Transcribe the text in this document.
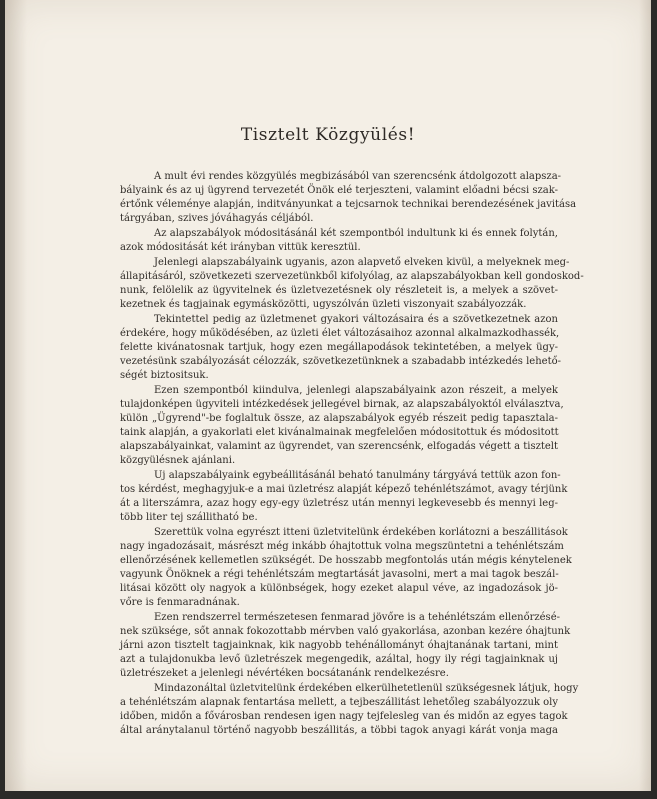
Tisztelt Közgyülés!
A mult évi rendes közgyülés megbizásából van szerencsénk átdolgozott alapsza-
bályaink és az uj ügyrend tervezetét Önök elé terjeszteni, valamint előadni bécsi szak-
értőnk véleménye alapján, inditványunkat a tejcsarnok technikai berendezésének javitása
tárgyában, szives jóváhagyás céljából.
Az alapszabályok módositásánál két szempontból indultunk ki és ennek folytán,
azok módositását két irányban vittük keresztül.
Jelenlegi alapszabályaink ugyanis, azon alapvető elveken kivül, a melyeknek meg-
állapitásáról, szövetkezeti szervezetünkből kifolyólag, az alapszabályokban kell gondoskod-
nunk, felölelik az ügyvitelnek és üzletvezetésnek oly részleteit is, a melyek a szövet-
kezetnek és tagjainak egymásközötti, ugyszólván üzleti viszonyait szabályozzák.
Tekintettel pedig az üzletmenet gyakori változásaira és a szövetkezetnek azon
érdekére, hogy működésében, az üzleti élet változásaihoz azonnal alkalmazkodhassék,
felette kivánatosnak tartjuk, hogy ezen megállapodások tekintetében, a melyek ügy-
vezetésünk szabályozását célozzák, szövetkezetünknek a szabadabb intézkedés lehető-
ségét biztositsuk.
Ezen szempontból kiindulva, jelenlegi alapszabályaink azon részeit, a melyek
tulajdonképen ügyviteli intézkedések jellegével birnak, az alapszabályoktól elválasztva,
külön „Ügyrend"-be foglaltuk össze, az alapszabályok egyéb részeit pedig tapasztala-
taink alapján, a gyakorlati elet kivánalmainak megfelelően módositottuk és módositott
alapszabályainkat, valamint az ügyrendet, van szerencsénk, elfogadás végett a tisztelt
közgyülésnek ajánlani.
Uj alapszabályaink egybeállitásánál beható tanulmány tárgyává tettük azon fon-
tos kérdést, meghagyjuk-e a mai üzletrész alapját képező tehénlétszámot, avagy térjünk
át a literszámra, azaz hogy egy-egy üzletrész után mennyi legkevesebb és mennyi leg-
több liter tej szállitható be.
Szerettük volna egyrészt itteni üzletvitelünk érdekében korlátozni a beszállitások
nagy ingadozásait, másrészt még inkább óhajtottuk volna megszüntetni a tehénlétszám
ellenőrzésének kellemetlen szükségét. De hosszabb megfontolás után mégis kénytelenek
vagyunk Önöknek a régi tehénlétszám megtartását javasolni, mert a mai tagok beszál-
litásai között oly nagyok a különbségek, hogy ezeket alapul véve, az ingadozások jö-
vőre is fenmaradnának.
Ezen rendszerrel természetesen fenmarad jövőre is a tehénlétszám ellenőrzésé-
nek szüksége, sőt annak fokozottabb mérvben való gyakorlása, azonban kezére óhajtunk
járni azon tisztelt tagjainknak, kik nagyobb tehénállományt óhajtanának tartani, mint
azt a tulajdonukba levő üzletrészek megengedik, azáltal, hogy ily régi tagjainknak uj
üzletrészeket a jelenlegi névértéken bocsátanánk rendelkezésre.
Mindazonáltal üzletvitelünk érdekében elkerülhetetlenül szükségesnek látjuk, hogy
a tehénlétszám alapnak fentartása mellett, a tejbeszállitást lehetőleg szabályozzuk oly
időben, midőn a fővárosban rendesen igen nagy tejfelesleg van és midőn az egyes tagok
által aránytalanul történő nagyobb beszállitás, a többi tagok anyagi kárát vonja maga
